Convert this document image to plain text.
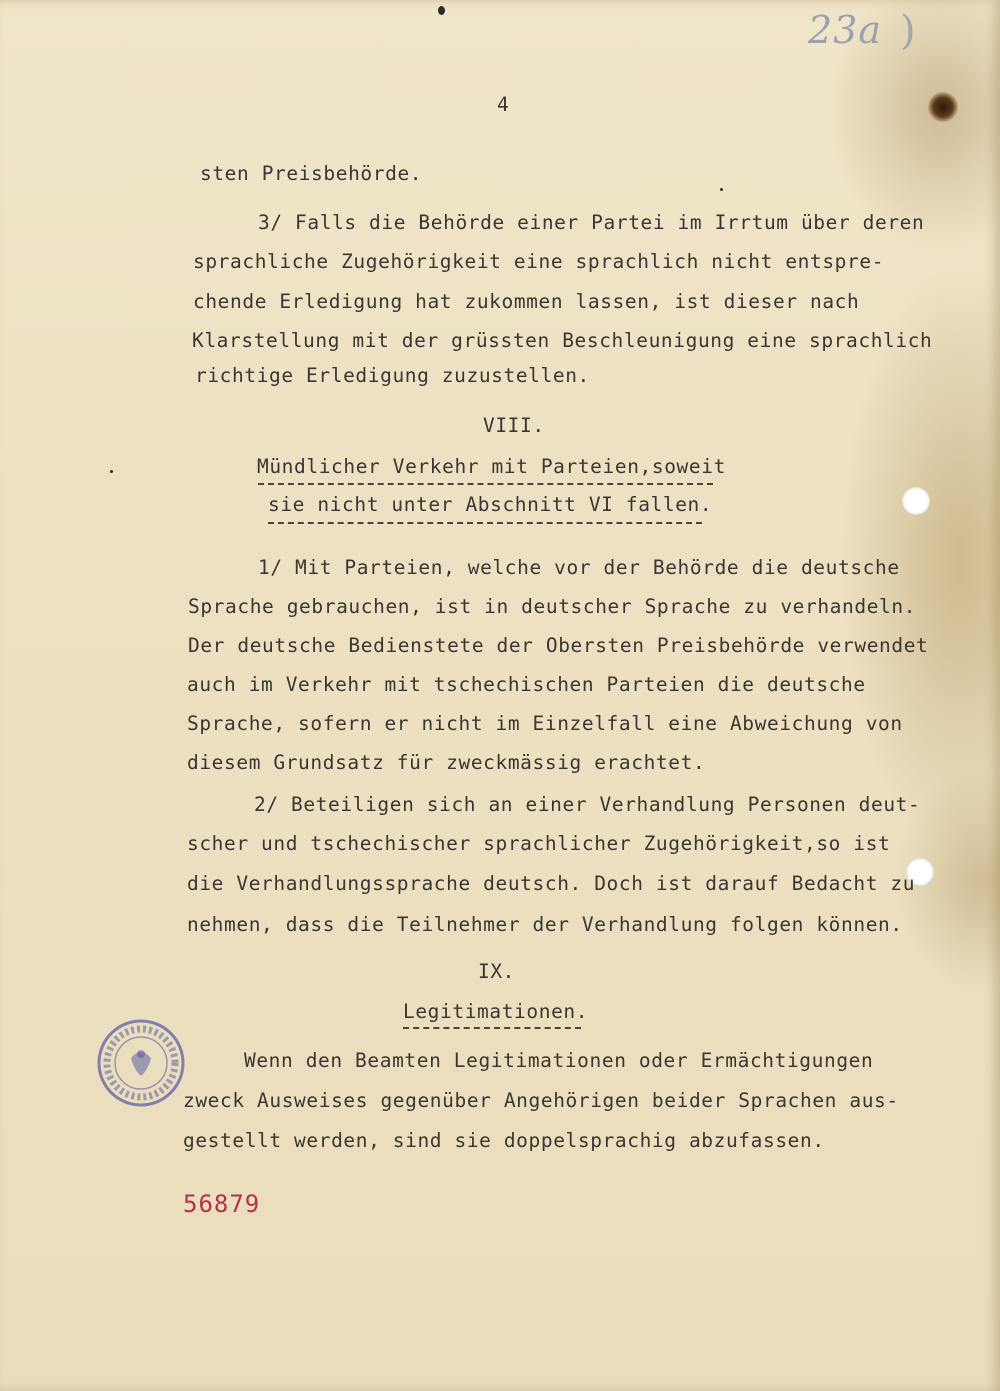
23a )

4

sten Preisbehörde.

3/ Falls die Behörde einer Partei im Irrtum über deren

sprachliche Zugehörigkeit eine sprachlich nicht entspre-

chende Erledigung hat zukommen lassen, ist dieser nach

Klarstellung mit der grüssten Beschleunigung eine sprachlich

richtige Erledigung zuzustellen.

VIII.

Mündlicher Verkehr mit Parteien,soweit

sie nicht unter Abschnitt VI fallen.

1/ Mit Parteien, welche vor der Behörde die deutsche

Sprache gebrauchen, ist in deutscher Sprache zu verhandeln.

Der deutsche Bedienstete der Obersten Preisbehörde verwendet

auch im Verkehr mit tschechischen Parteien die deutsche

Sprache, sofern er nicht im Einzelfall eine Abweichung von

diesem Grundsatz für zweckmässig erachtet.

2/ Beteiligen sich an einer Verhandlung Personen deut-

scher und tschechischer sprachlicher Zugehörigkeit,so ist

die Verhandlungssprache deutsch. Doch ist darauf Bedacht zu

nehmen, dass die Teilnehmer der Verhandlung folgen können.

IX.

Legitimationen.

Wenn den Beamten Legitimationen oder Ermächtigungen

zweck Ausweises gegenüber Angehörigen beider Sprachen aus-

gestellt werden, sind sie doppelsprachig abzufassen.

56879
